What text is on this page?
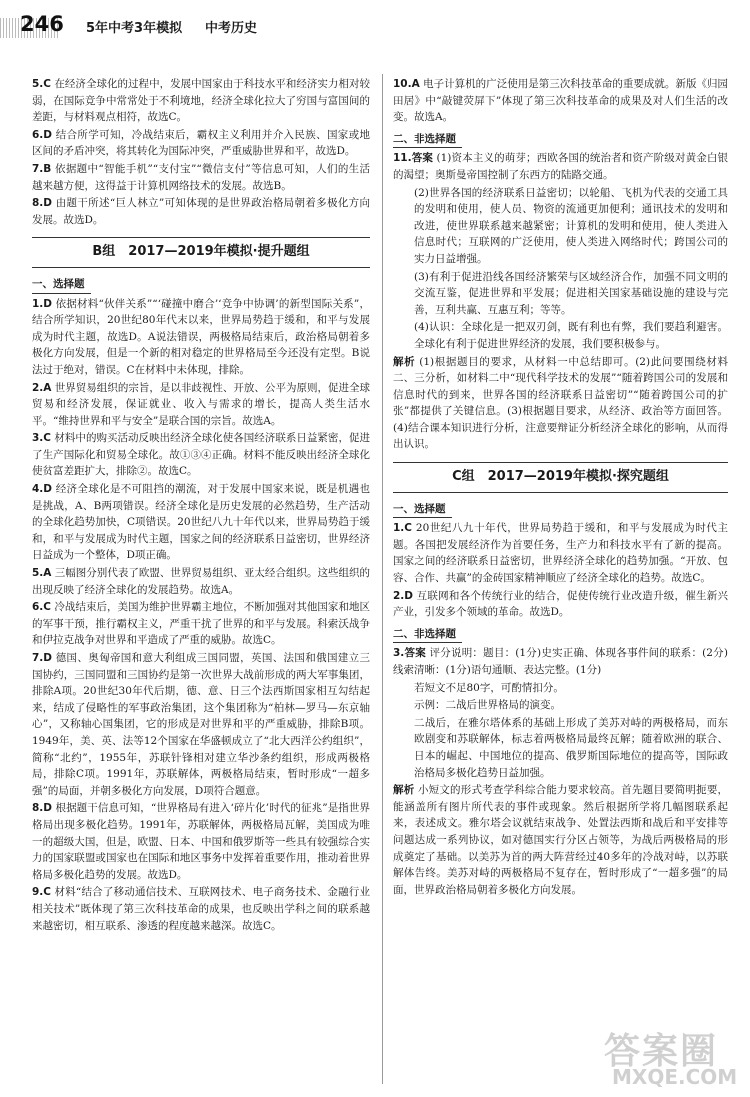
246 5年中考3年模拟 中考历史
5.C 在经济全球化的过程中，发展中国家由于科技水平和经济实力相对较弱，在国际竞争中常常处于不利境地，经济全球化拉大了穷国与富国间的差距，与材料观点相符，故选C。
6.D 结合所学可知，冷战结束后，霸权主义利用并介入民族、国家或地区间的矛盾冲突，将其转化为国际冲突，严重威胁世界和平，故选D。
7.B 依据题中“智能手机”“支付宝”“微信支付”等信息可知，人们的生活越来越方便，这得益于计算机网络技术的发展。故选B。
8.D 由题干所述“巨人林立”可知体现的是世界政治格局朝着多极化方向发展。故选D。
B组　2017—2019年模拟·提升题组
一、选择题
1.D 依据材料“伙伴关系”“‘碰撞中磨合’‘竞争中协调’的新型国际关系”，结合所学知识，20世纪80年代末以来，世界局势趋于缓和，和平与发展成为时代主题，故选D。A说法错误，两极格局结束后，政治格局朝着多极化方向发展，但是一个新的相对稳定的世界格局至今还没有定型。B说法过于绝对，错误。C在材料中未体现，排除。
2.A 世界贸易组织的宗旨，是以非歧视性、开放、公平为原则，促进全球贸易和经济发展，保证就业、收入与需求的增长，提高人类生活水平。“维持世界和平与安全”是联合国的宗旨。故选A。
3.C 材料中的购买活动反映出经济全球化使各国经济联系日益紧密，促进了生产国际化和贸易全球化。故①③④正确。材料不能反映出经济全球化使贫富差距扩大，排除②。故选C。
4.D 经济全球化是不可阻挡的潮流，对于发展中国家来说，既是机遇也是挑战，A、B两项错误。经济全球化是历史发展的必然趋势，生产活动的全球化趋势加快，C项错误。20世纪八九十年代以来，世界局势趋于缓和，和平与发展成为时代主题，国家之间的经济联系日益密切，世界经济日益成为一个整体，D项正确。
5.A 三幅图分别代表了欧盟、世界贸易组织、亚太经合组织。这些组织的出现反映了经济全球化的发展趋势。故选A。
6.C 冷战结束后，美国为维护世界霸主地位，不断加强对其他国家和地区的军事干预，推行霸权主义，严重干扰了世界的和平与发展。科索沃战争和伊拉克战争对世界和平造成了严重的威胁。故选C。
7.D 德国、奥匈帝国和意大利组成三国同盟，英国、法国和俄国建立三国协约，三国同盟和三国协约是第一次世界大战前形成的两大军事集团，排除A项。20世纪30年代后期，德、意、日三个法西斯国家相互勾结起来，结成了侵略性的军事政治集团，这个集团称为“柏林—罗马—东京轴心”，又称轴心国集团，它的形成是对世界和平的严重威胁，排除B项。1949年，美、英、法等12个国家在华盛顿成立了“北大西洋公约组织”，简称“北约”，1955年，苏联针锋相对建立华沙条约组织，形成两极格局，排除C项。1991年，苏联解体，两极格局结束，暂时形成“一超多强”的局面，并朝多极化方向发展，D项符合题意。
8.D 根据题干信息可知，“世界格局有进入‘碎片化’时代的征兆”是指世界格局出现多极化趋势。1991年，苏联解体，两极格局瓦解，美国成为唯一的超级大国，但是，欧盟、日本、中国和俄罗斯等一些具有较强综合实力的国家联盟或国家也在国际和地区事务中发挥着重要作用，推动着世界格局多极化趋势的发展。故选D。
9.C 材料“结合了移动通信技术、互联网技术、电子商务技术、金融行业相关技术”既体现了第三次科技革命的成果，也反映出学科之间的联系越来越密切，相互联系、渗透的程度越来越深。故选C。
10.A 电子计算机的广泛使用是第三次科技革命的重要成就。新版《归园田居》中“敲键荧屏下”体现了第三次科技革命的成果及对人们生活的改变。故选A。
二、非选择题
11.答案 (1)资本主义的萌芽；西欧各国的统治者和资产阶级对黄金白银的渴望；奥斯曼帝国控制了东西方的陆路交通。
(2)世界各国的经济联系日益密切；以轮船、飞机为代表的交通工具的发明和使用，使人员、物资的流通更加便利；通讯技术的发明和改进，使世界联系越来越紧密；计算机的发明和使用，使人类进入信息时代；互联网的广泛使用，使人类进入网络时代；跨国公司的实力日益增强。
(3)有利于促进沿线各国经济繁荣与区域经济合作，加强不同文明的交流互鉴，促进世界和平发展；促进相关国家基础设施的建设与完善，互利共赢、互惠互利；等等。
(4)认识：全球化是一把双刃剑，既有利也有弊，我们要趋利避害。全球化有利于促进世界经济的发展，我们要积极参与。
解析 (1)根据题目的要求，从材料一中总结即可。(2)此问要围绕材料二、三分析，如材料二中“现代科学技术的发展”“随着跨国公司的发展和信息时代的到来，世界各国的经济联系日益密切”“随着跨国公司的扩张”都提供了关键信息。(3)根据题目要求，从经济、政治等方面回答。(4)结合课本知识进行分析，注意要辩证分析经济全球化的影响，从而得出认识。
C组　2017—2019年模拟·探究题组
一、选择题
1.C 20世纪八九十年代，世界局势趋于缓和，和平与发展成为时代主题。各国把发展经济作为首要任务，生产力和科技水平有了新的提高。国家之间的经济联系日益密切，世界经济全球化的趋势加强。“开放、包容、合作、共赢”的金砖国家精神顺应了经济全球化的趋势。故选C。
2.D 互联网和各个传统行业的结合，促使传统行业改造升级，催生新兴产业，引发多个领域的革命。故选D。
二、非选择题
3.答案 评分说明：题目：(1分)史实正确、体现各事件间的联系：(2分)线索清晰：(1分)语句通顺、表达完整。(1分)
若短文不足80字，可酌情扣分。
示例：二战后世界格局的演变。
二战后，在雅尔塔体系的基础上形成了美苏对峙的两极格局，而东欧剧变和苏联解体，标志着两极格局最终瓦解；随着欧洲的联合、日本的崛起、中国地位的提高、俄罗斯国际地位的提高等，国际政治格局多极化趋势日益加强。
解析 小短文的形式考查学科综合能力要求较高。首先题目要简明扼要，能涵盖所有图片所代表的事件或现象。然后根据所学将几幅图联系起来，表述成文。雅尔塔会议就结束战争、处置法西斯和战后和平安排等问题达成一系列协议，如对德国实行分区占领等，为战后两极格局的形成奠定了基础。以美苏为首的两大阵营经过40多年的冷战对峙，以苏联解体告终。美苏对峙的两极格局不复存在，暂时形成了“一超多强”的局面，世界政治格局朝着多极化方向发展。
答案圈
MXQE.COM
